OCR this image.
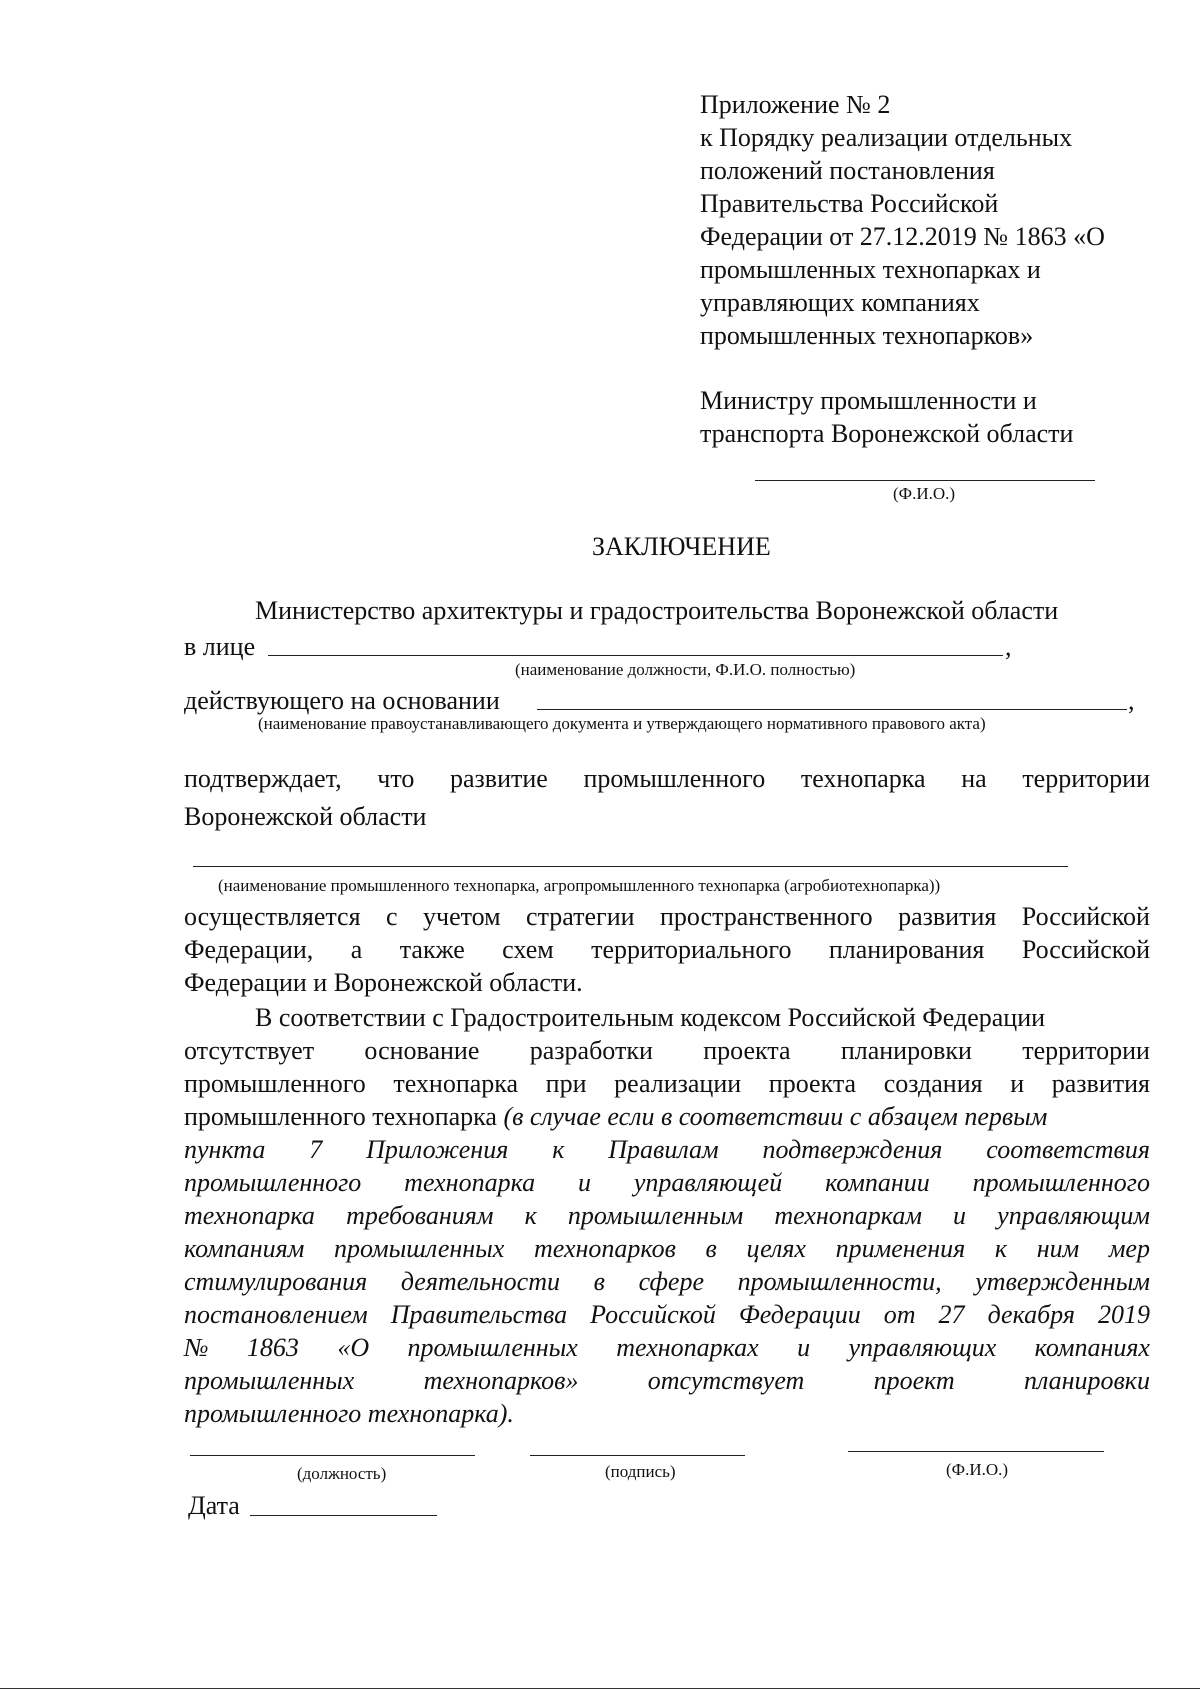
Приложение № 2
к Порядку реализации отдельных
положений постановления
Правительства Российской
Федерации от 27.12.2019 № 1863 «О
промышленных технопарках и
управляющих компаниях
промышленных технопарков»
Министру промышленности и
транспорта Воронежской области
(Ф.И.О.)
ЗАКЛЮЧЕНИЕ
Министерство архитектуры и градостроительства Воронежской области
в лице	,
(наименование должности, Ф.И.О. полностью)
действующего на основании	,
(наименование правоустанавливающего документа и утверждающего нормативного правового акта)
подтверждает, что развитие промышленного технопарка на территории
Воронежской области
(наименование промышленного технопарка, агропромышленного технопарка (агробиотехнопарка))
осуществляется с учетом стратегии пространственного развития Российской
Федерации, а также схем территориального планирования Российской
Федерации и Воронежской области.
В соответствии с Градостроительным кодексом Российской Федерации
отсутствует основание разработки проекта планировки территории
промышленного технопарка при реализации проекта создания и развития
промышленного технопарка (в случае если в соответствии с абзацем первым
пункта 7 Приложения к Правилам подтверждения соответствия
промышленного технопарка и управляющей компании промышленного
технопарка требованиям к промышленным технопаркам и управляющим
компаниям промышленных технопарков в целях применения к ним мер
стимулирования деятельности в сфере промышленности, утвержденным
постановлением Правительства Российской Федерации от 27 декабря 2019
№ 1863 «О промышленных технопарках и управляющих компаниях
промышленных	технопарков»	отсутствует	проект	планировки
промышленного технопарка).
(должность)	(подпись)	(Ф.И.О.)
Дата
